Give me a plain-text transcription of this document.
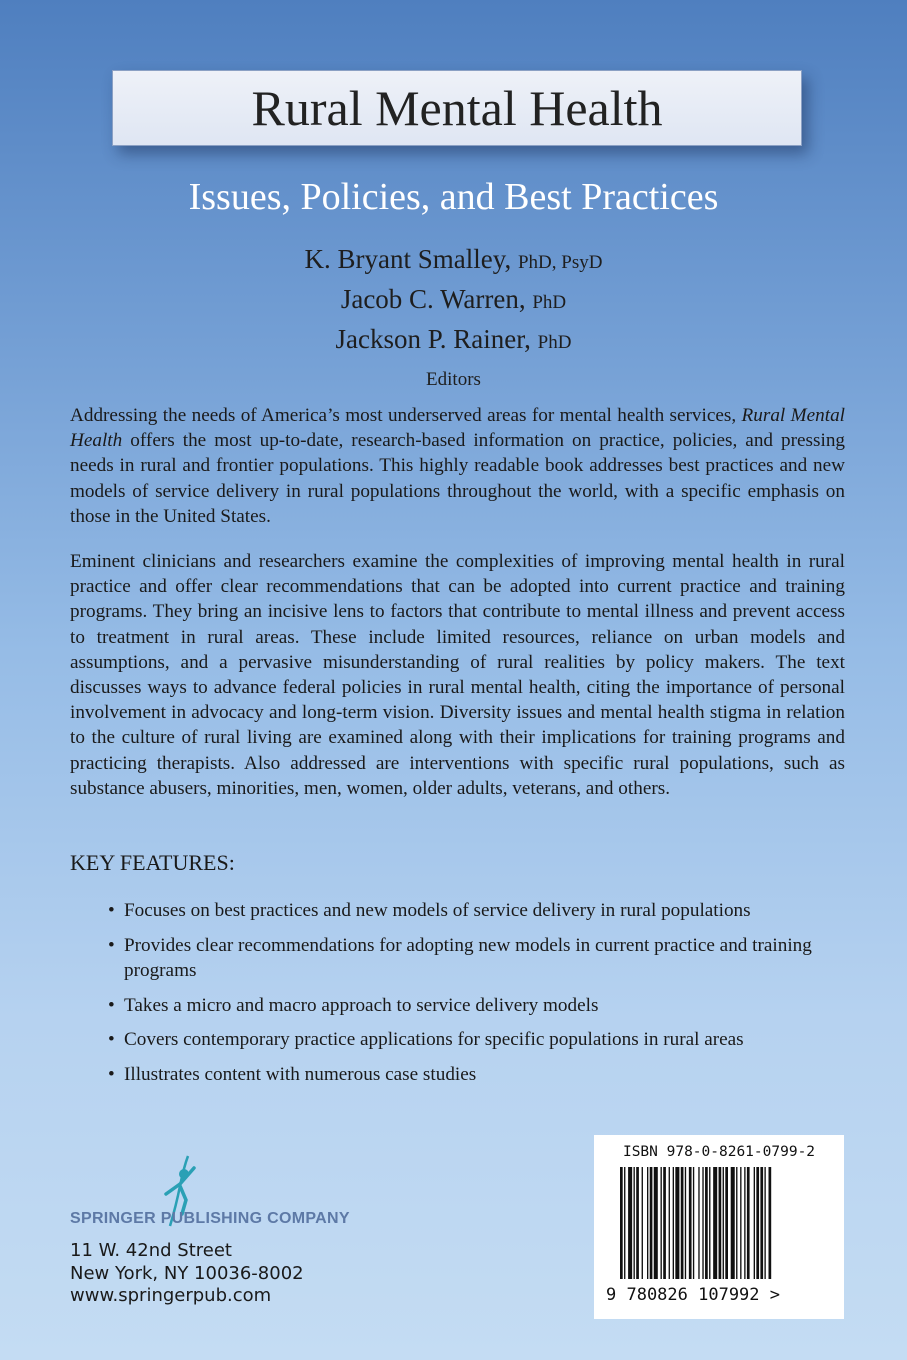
Rural Mental Health
Issues, Policies, and Best Practices
K. Bryant Smalley, PhD, PsyD
Jacob C. Warren, PhD
Jackson P. Rainer, PhD
Editors

Addressing the needs of America’s most underserved areas for mental health services, Rural Mental Health offers the most up-to-date, research-based information on practice, policies, and pressing needs in rural and frontier populations. This highly readable book addresses best practices and new models of service delivery in rural populations throughout the world, with a specific emphasis on those in the United States.

Eminent clinicians and researchers examine the complexities of improving mental health in rural practice and offer clear recommendations that can be adopted into current practice and training programs. They bring an incisive lens to factors that contribute to mental illness and prevent access to treatment in rural areas. These include limited resources, reliance on urban models and assumptions, and a pervasive misunderstanding of rural realities by policy makers. The text discusses ways to advance federal policies in rural mental health, citing the importance of personal involvement in advocacy and long-term vision. Diversity issues and mental health stigma in relation to the culture of rural living are examined along with their implications for training programs and practicing therapists. Also addressed are interventions with specific rural populations, such as substance abusers, minorities, men, women, older adults, veterans, and others.

KEY FEATURES:
• Focuses on best practices and new models of service delivery in rural populations
• Provides clear recommendations for adopting new models in current practice and training programs
• Takes a micro and macro approach to service delivery models
• Covers contemporary practice applications for specific populations in rural areas
• Illustrates content with numerous case studies
SPRINGER PUBLISHING COMPANY
11 W. 42nd Street
New York, NY 10036-8002
www.springerpub.com
ISBN 978-0-8261-0799-2
9 780826 107992 >
